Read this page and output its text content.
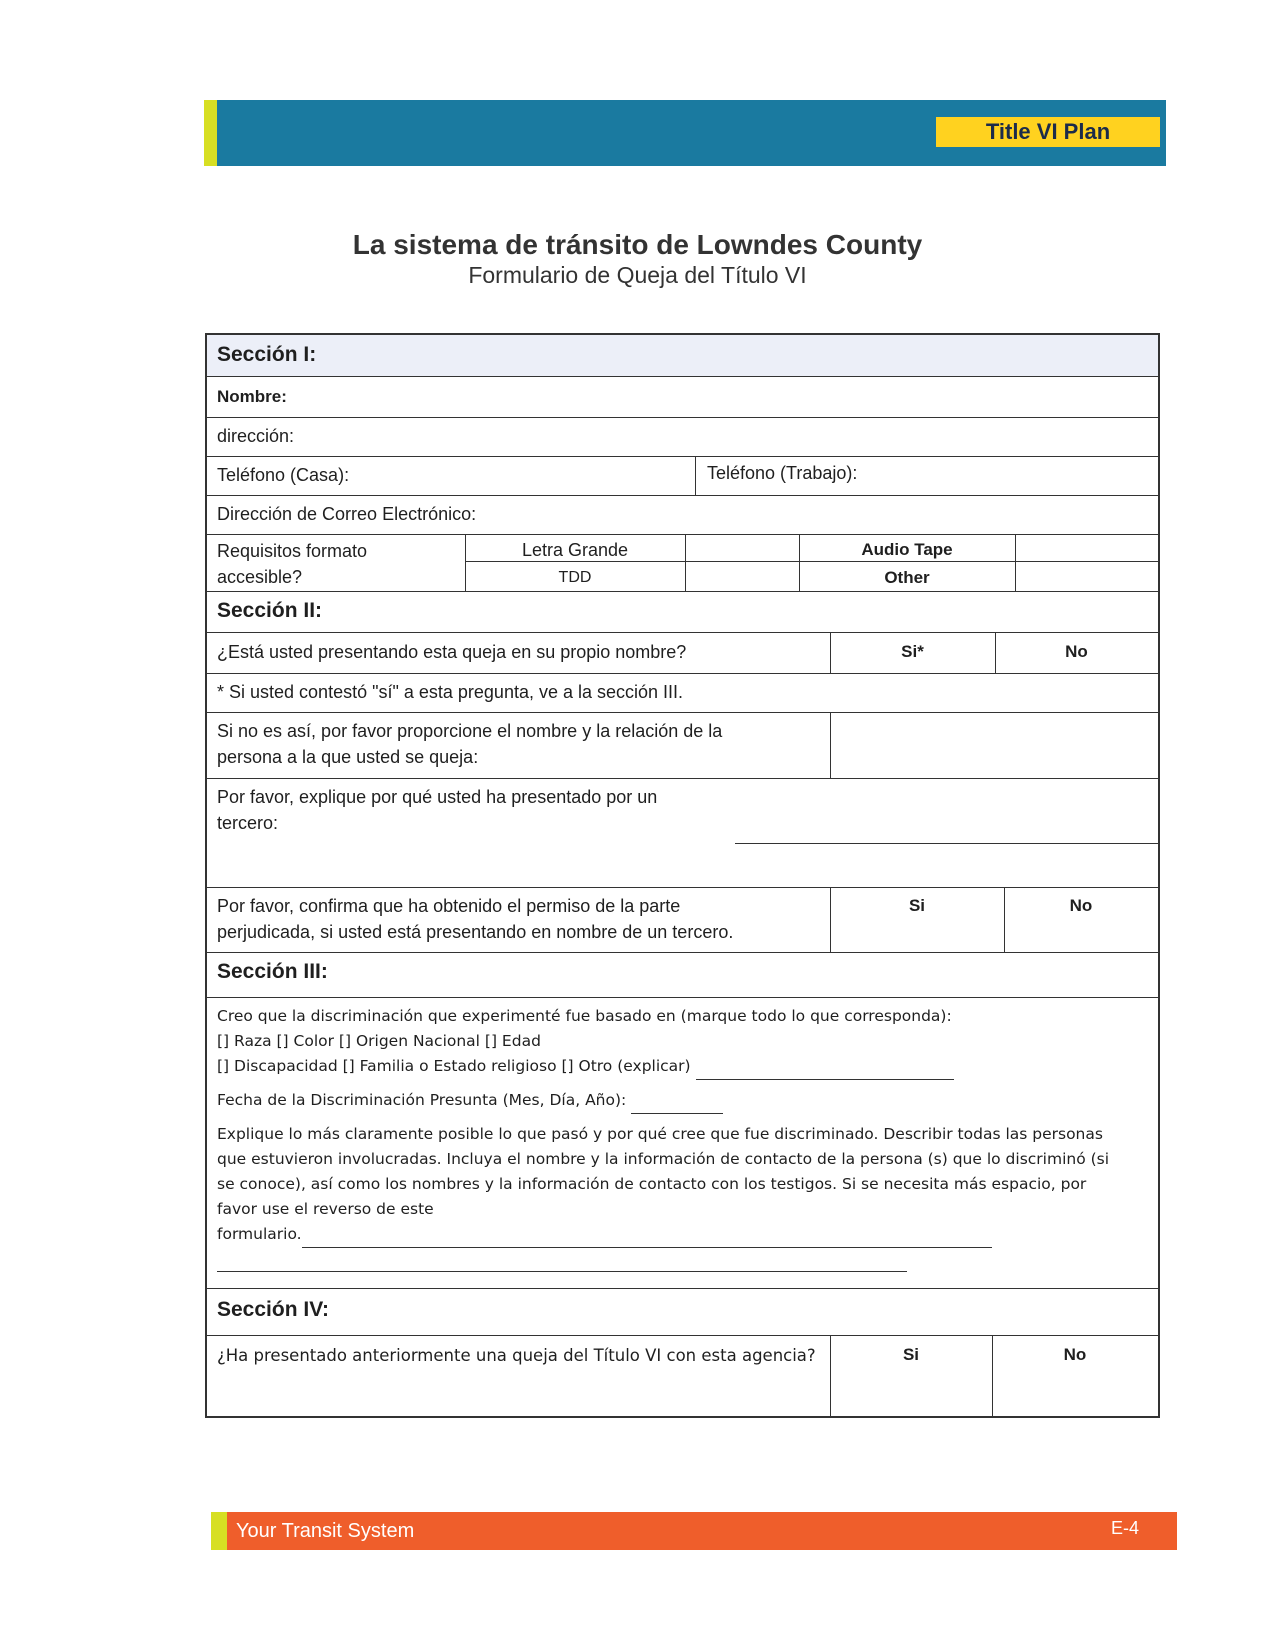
Title VI Plan
La sistema de tránsito de Lowndes County
Formulario de Queja del Título VI
Sección I:
Nombre:
dirección:
Teléfono (Casa):	Teléfono (Trabajo):
Dirección de Correo Electrónico:
Requisitos formato
accesible?
Letra Grande	Audio Tape
TDD	Other
Sección II:
¿Está usted presentando esta queja en su propio nombre?	Si*	No
* Si usted contestó "sí" a esta pregunta, ve a la sección III.
Si no es así, por favor proporcione el nombre y la relación de la
persona a la que usted se queja:
Por favor, explique por qué usted ha presentado por un
tercero:
Por favor, confirma que ha obtenido el permiso de la parte
perjudicada, si usted está presentando en nombre de un tercero.
Si	No
Sección III:
Creo que la discriminación que experimenté fue basado en (marque todo lo que corresponda):
[] Raza [] Color [] Origen Nacional [] Edad
[] Discapacidad [] Familia o Estado religioso [] Otro (explicar)
Fecha de la Discriminación Presunta (Mes, Día, Año):
Explique lo más claramente posible lo que pasó y por qué cree que fue discriminado. Describir todas las personas
que estuvieron involucradas. Incluya el nombre y la información de contacto de la persona (s) que lo discriminó (si
se conoce), así como los nombres y la información de contacto con los testigos. Si se necesita más espacio, por
favor use el reverso de este
formulario.
Sección IV:
¿Ha presentado anteriormente una queja del Título VI con esta agencia?	Si	No
Your Transit System	E-4
